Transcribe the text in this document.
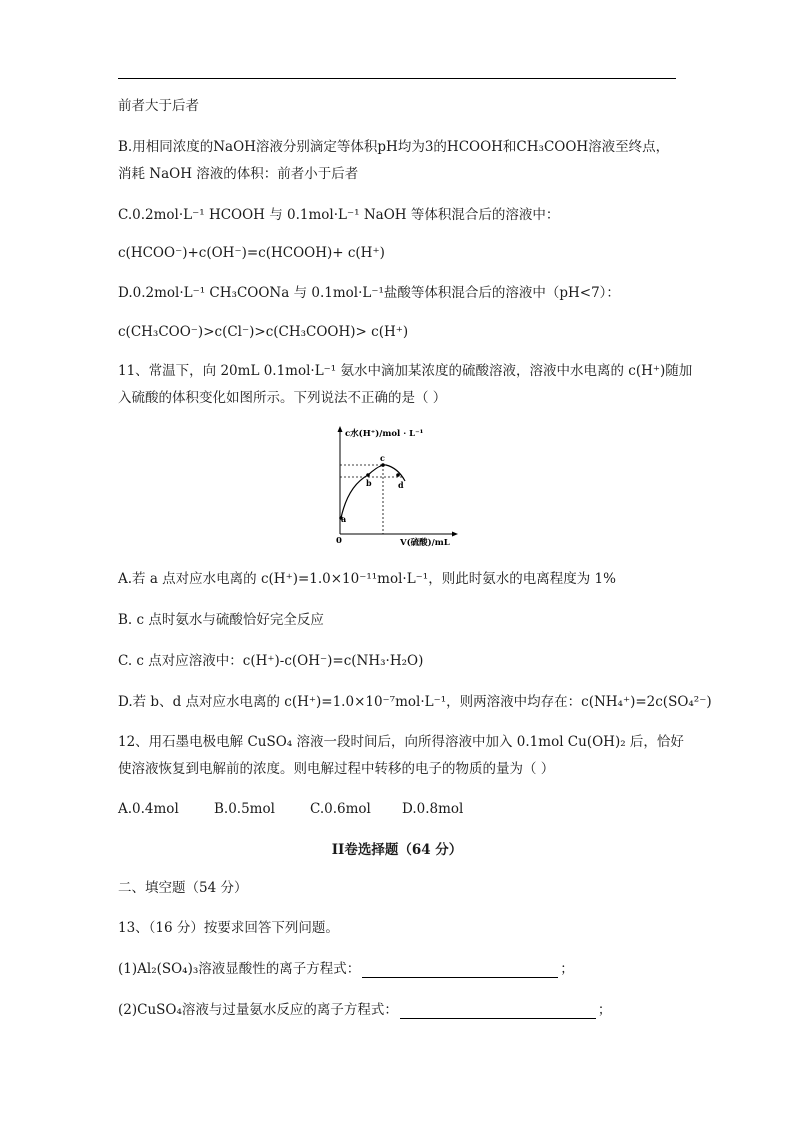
前者大于后者
B.用相同浓度的NaOH溶液分别滴定等体积pH均为3的HCOOH和CH₃COOH溶液至终点，
消耗 NaOH 溶液的体积：前者小于后者
C.0.2mol·L⁻¹ HCOOH 与 0.1mol·L⁻¹ NaOH 等体积混合后的溶液中：
c(HCOO⁻)+c(OH⁻)=c(HCOOH)+ c(H⁺)
D.0.2mol·L⁻¹ CH₃COONa 与 0.1mol·L⁻¹盐酸等体积混合后的溶液中（pH<7）：
c(CH₃COO⁻)>c(Cl⁻)>c(CH₃COOH)> c(H⁺)
11、常温下，向 20mL 0.1mol·L⁻¹ 氨水中滴加某浓度的硫酸溶液，溶液中水电离的 c(H⁺)随加
入硫酸的体积变化如图所示。下列说法不正确的是（ ）
c水(H⁺)/mol · L⁻¹
V(硫酸)/mL
0
a
b
c
d
A.若 a 点对应水电离的 c(H⁺)=1.0×10⁻¹¹mol·L⁻¹，则此时氨水的电离程度为 1%
B. c 点时氨水与硫酸恰好完全反应
C. c 点对应溶液中：c(H⁺)-c(OH⁻)=c(NH₃·H₂O)
D.若 b、d 点对应水电离的 c(H⁺)=1.0×10⁻⁷mol·L⁻¹，则两溶液中均存在：c(NH₄⁺)=2c(SO₄²⁻)
12、用石墨电极电解 CuSO₄ 溶液一段时间后，向所得溶液中加入 0.1mol Cu(OH)₂ 后，恰好
使溶液恢复到电解前的浓度。则电解过程中转移的电子的物质的量为（ ）
A.0.4mol	B.0.5mol	C.0.6mol D.0.8mol
II卷选择题（64 分）
二、填空题（54 分）
13、（16 分）按要求回答下列问题。
(1)Al₂(SO₄)₃溶液显酸性的离子方程式：	；
(2)CuSO₄溶液与过量氨水反应的离子方程式：	；
